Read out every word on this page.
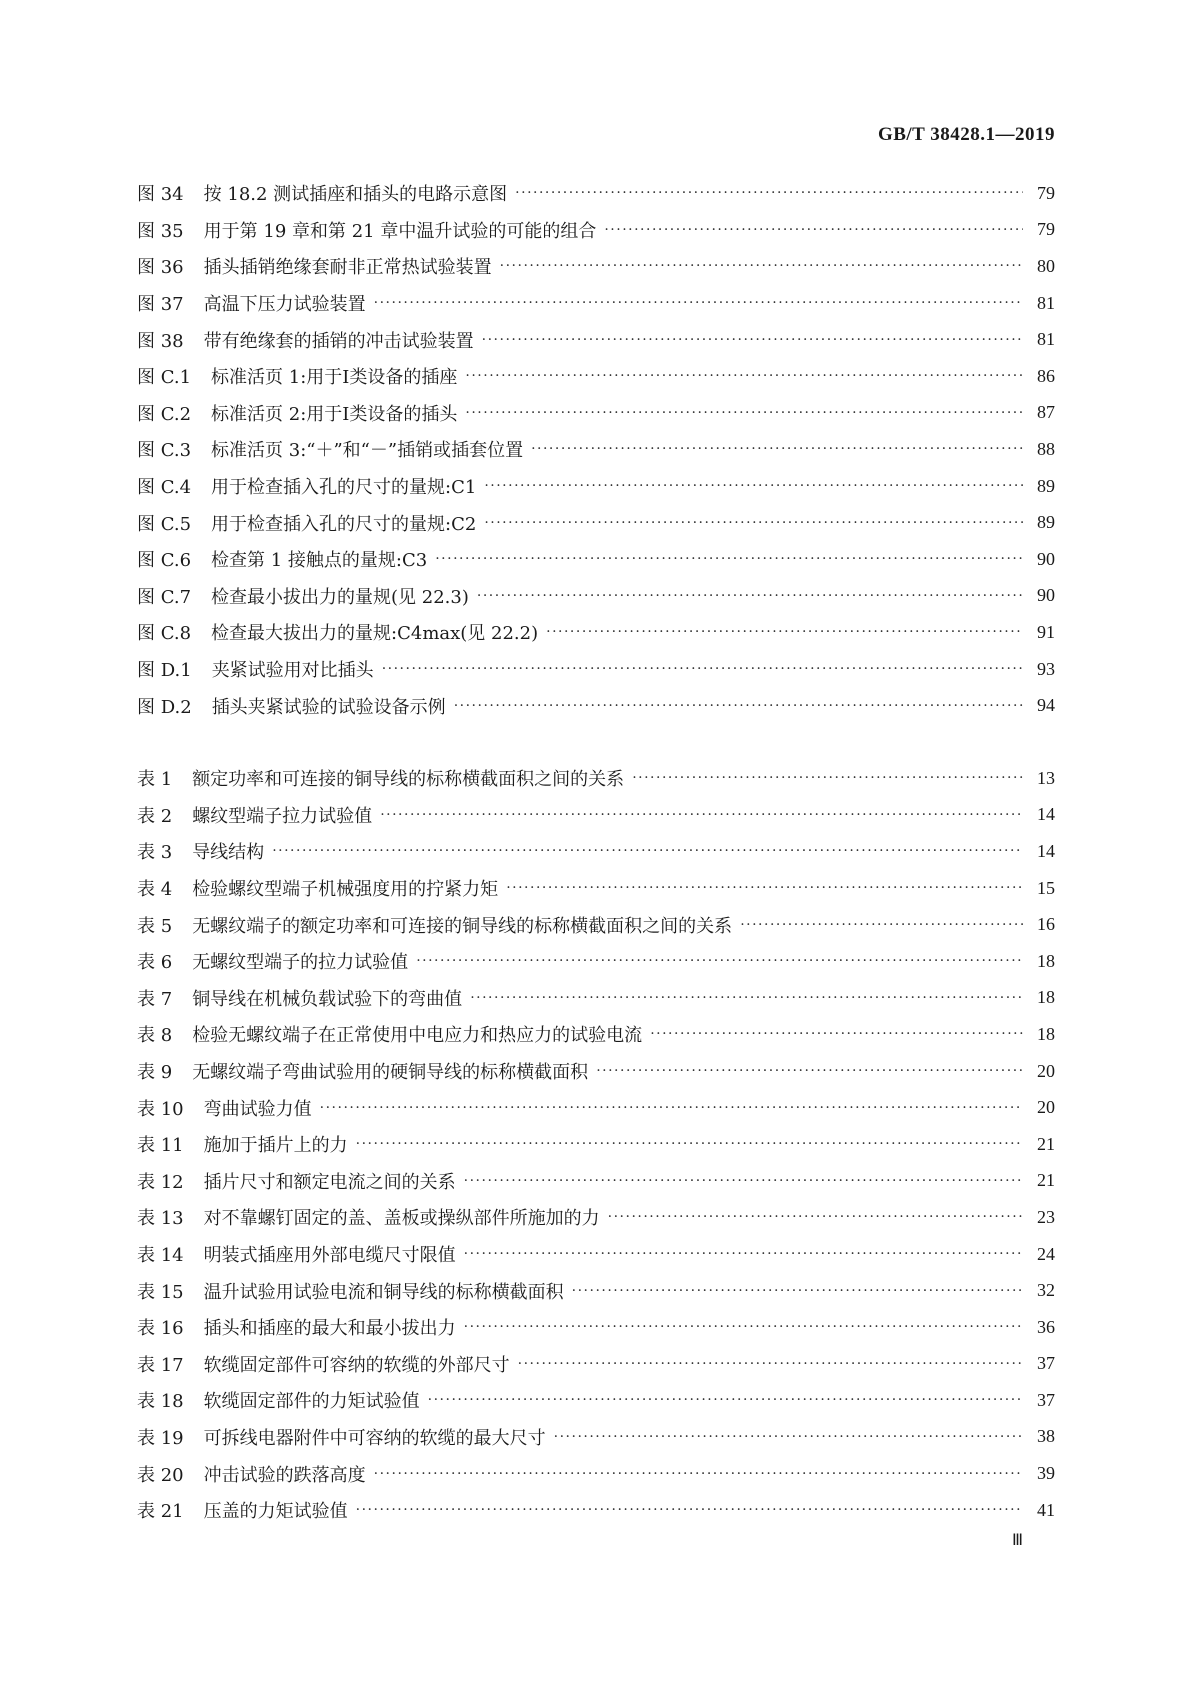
GB/T 38428.1—2019
图 34 按 18.2 测试插座和插头的电路示意图 ·····	79
图 35 用于第 19 章和第 21 章中温升试验的可能的组合 ·····	79
图 36 插头插销绝缘套耐非正常热试验装置 ·····	80
图 37 高温下压力试验装置 ·····	81
图 38 带有绝缘套的插销的冲击试验装置 ·····	81
图 C.1 标准活页 1:用于Ⅰ类设备的插座 ·····	86
图 C.2 标准活页 2:用于Ⅰ类设备的插头 ·····	87
图 C.3 标准活页 3:“＋”和“－”插销或插套位置 ·····	88
图 C.4 用于检查插入孔的尺寸的量规:C1 ·····	89
图 C.5 用于检查插入孔的尺寸的量规:C2 ·····	89
图 C.6 检查第 1 接触点的量规:C3 ·····	90
图 C.7 检查最小拔出力的量规(见 22.3) ·····	90
图 C.8 检查最大拔出力的量规:C4max(见 22.2) ·····	91
图 D.1 夹紧试验用对比插头 ·····	93
图 D.2 插头夹紧试验的试验设备示例 ·····	94
表 1 额定功率和可连接的铜导线的标称横截面积之间的关系 ·····	13
表 2 螺纹型端子拉力试验值 ·····	14
表 3 导线结构 ·····	14
表 4 检验螺纹型端子机械强度用的拧紧力矩 ·····	15
表 5 无螺纹端子的额定功率和可连接的铜导线的标称横截面积之间的关系 ·····	16
表 6 无螺纹型端子的拉力试验值 ·····	18
表 7 铜导线在机械负载试验下的弯曲值 ·····	18
表 8 检验无螺纹端子在正常使用中电应力和热应力的试验电流 ·····	18
表 9 无螺纹端子弯曲试验用的硬铜导线的标称横截面积 ·····	20
表 10 弯曲试验力值 ·····	20
表 11 施加于插片上的力 ·····	21
表 12 插片尺寸和额定电流之间的关系 ·····	21
表 13 对不靠螺钉固定的盖、盖板或操纵部件所施加的力 ·····	23
表 14 明装式插座用外部电缆尺寸限值 ·····	24
表 15 温升试验用试验电流和铜导线的标称横截面积 ·····	32
表 16 插头和插座的最大和最小拔出力 ·····	36
表 17 软缆固定部件可容纳的软缆的外部尺寸 ·····	37
表 18 软缆固定部件的力矩试验值 ·····	37
表 19 可拆线电器附件中可容纳的软缆的最大尺寸 ·····	38
表 20 冲击试验的跌落高度 ·····	39
表 21 压盖的力矩试验值 ·····	41
Ⅲ
